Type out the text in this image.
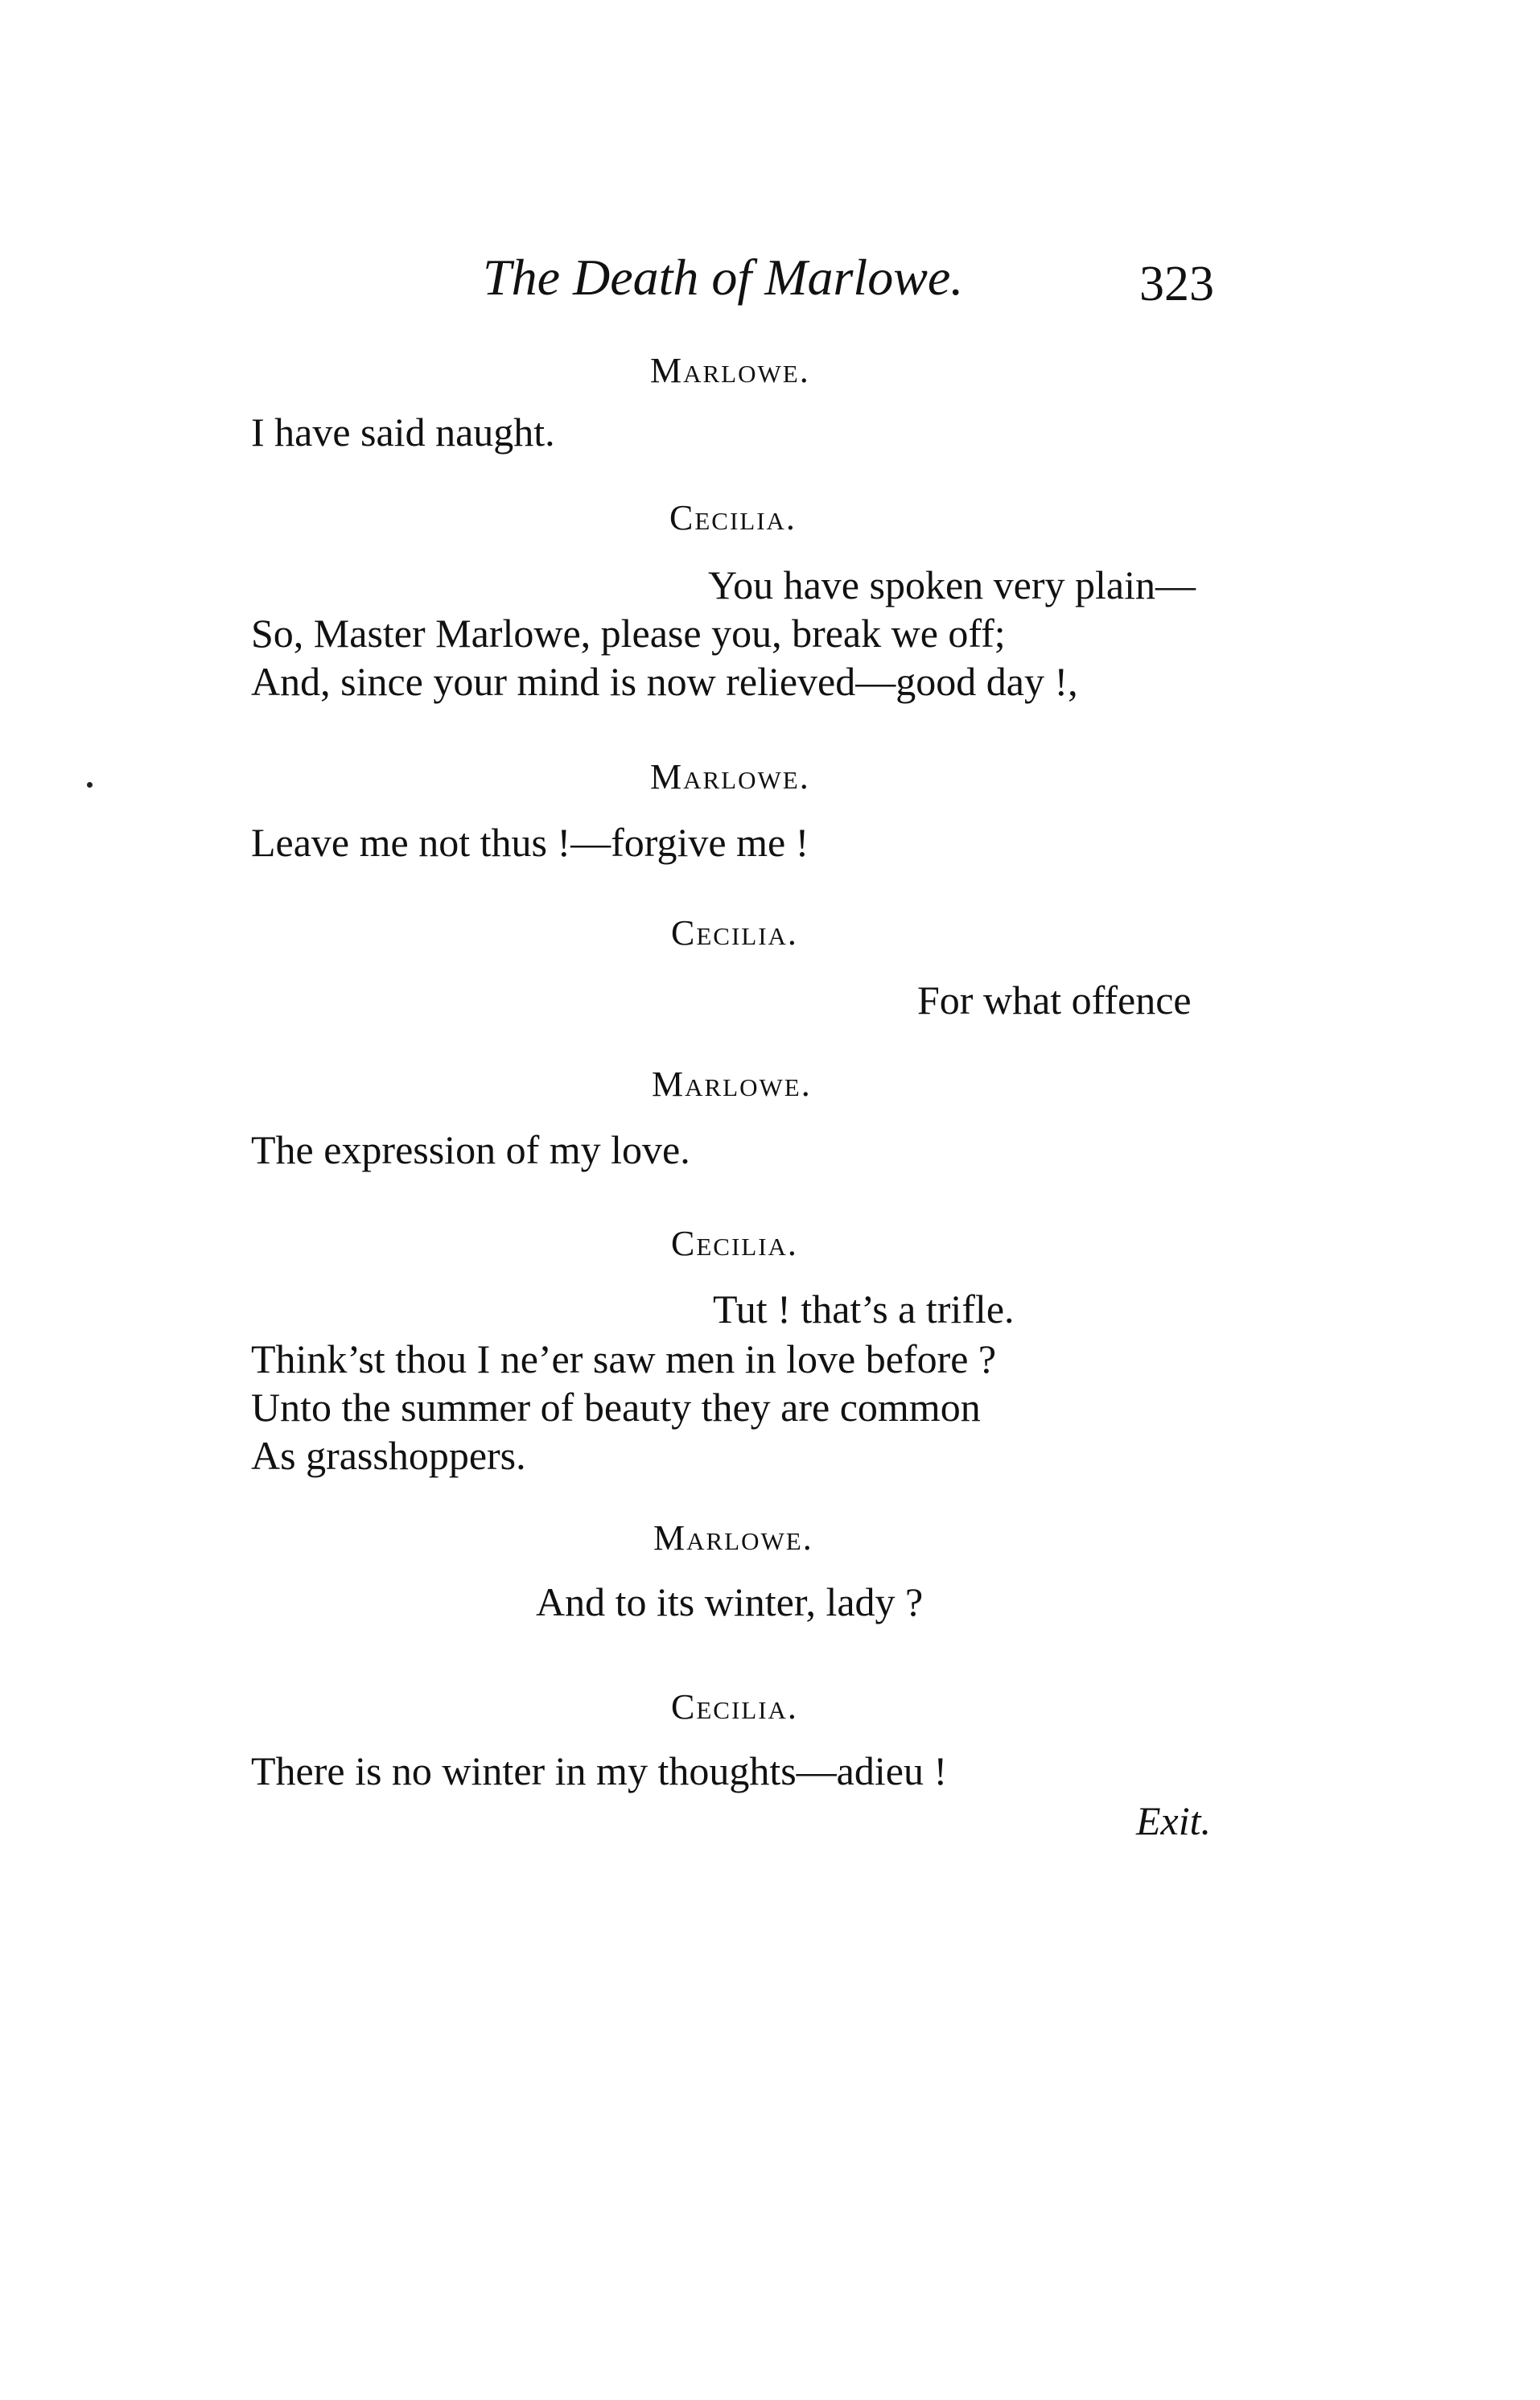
The Death of Marlowe.	323
Marlowe.
I have said naught.
Cecilia.
You have spoken very plain—
So, Master Marlowe, please you, break we off;
And, since your mind is now relieved—good day !,
Marlowe.
Leave me not thus !—forgive me !
Cecilia.
For what offence
Marlowe.
The expression of my love.
Cecilia.
Tut ! that’s a trifle.
Think’st thou I ne’er saw men in love before ?
Unto the summer of beauty they are common
As grasshoppers.
Marlowe.
And to its winter, lady ?
Cecilia.
There is no winter in my thoughts—adieu !
Exit.
